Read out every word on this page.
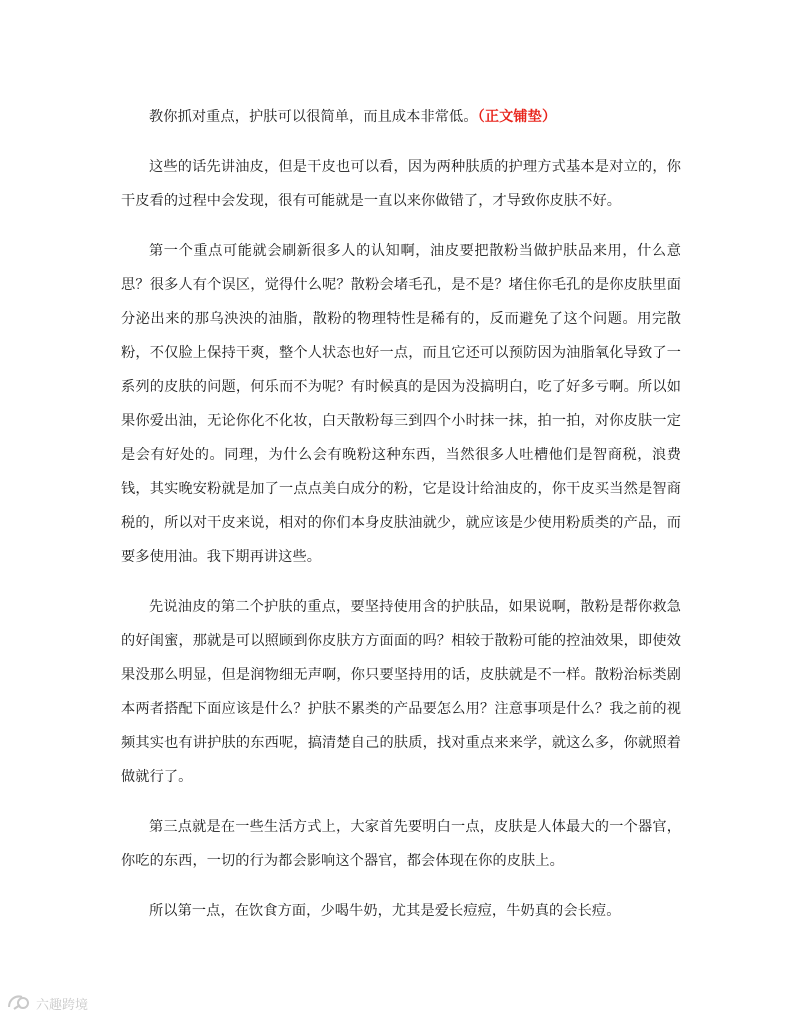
教你抓对重点，护肤可以很简单，而且成本非常低。（正文铺垫）

这些的话先讲油皮，但是干皮也可以看，因为两种肤质的护理方式基本是对立的，你干皮看的过程中会发现，很有可能就是一直以来你做错了，才导致你皮肤不好。

第一个重点可能就会刷新很多人的认知啊，油皮要把散粉当做护肤品来用，什么意思？很多人有个误区，觉得什么呢？散粉会堵毛孔，是不是？堵住你毛孔的是你皮肤里面分泌出来的那乌泱泱的油脂，散粉的物理特性是稀有的，反而避免了这个问题。用完散粉，不仅脸上保持干爽，整个人状态也好一点，而且它还可以预防因为油脂氧化导致了一系列的皮肤的问题，何乐而不为呢？有时候真的是因为没搞明白，吃了好多亏啊。所以如果你爱出油，无论你化不化妆，白天散粉每三到四个小时抹一抹，拍一拍，对你皮肤一定是会有好处的。同理，为什么会有晚粉这种东西，当然很多人吐槽他们是智商税，浪费钱，其实晚安粉就是加了一点点美白成分的粉，它是设计给油皮的，你干皮买当然是智商税的，所以对干皮来说，相对的你们本身皮肤油就少，就应该是少使用粉质类的产品，而要多使用油。我下期再讲这些。

先说油皮的第二个护肤的重点，要坚持使用含的护肤品，如果说啊，散粉是帮你救急的好闺蜜，那就是可以照顾到你皮肤方方面面的吗？相较于散粉可能的控油效果，即使效果没那么明显，但是润物细无声啊，你只要坚持用的话，皮肤就是不一样。散粉治标类剧本两者搭配下面应该是什么？护肤不累类的产品要怎么用？注意事项是什么？我之前的视频其实也有讲护肤的东西呢，搞清楚自己的肤质，找对重点来来学，就这么多，你就照着做就行了。

第三点就是在一些生活方式上，大家首先要明白一点，皮肤是人体最大的一个器官，你吃的东西，一切的行为都会影响这个器官，都会体现在你的皮肤上。

所以第一点，在饮食方面，少喝牛奶，尤其是爱长痘痘，牛奶真的会长痘。

六趣跨境
